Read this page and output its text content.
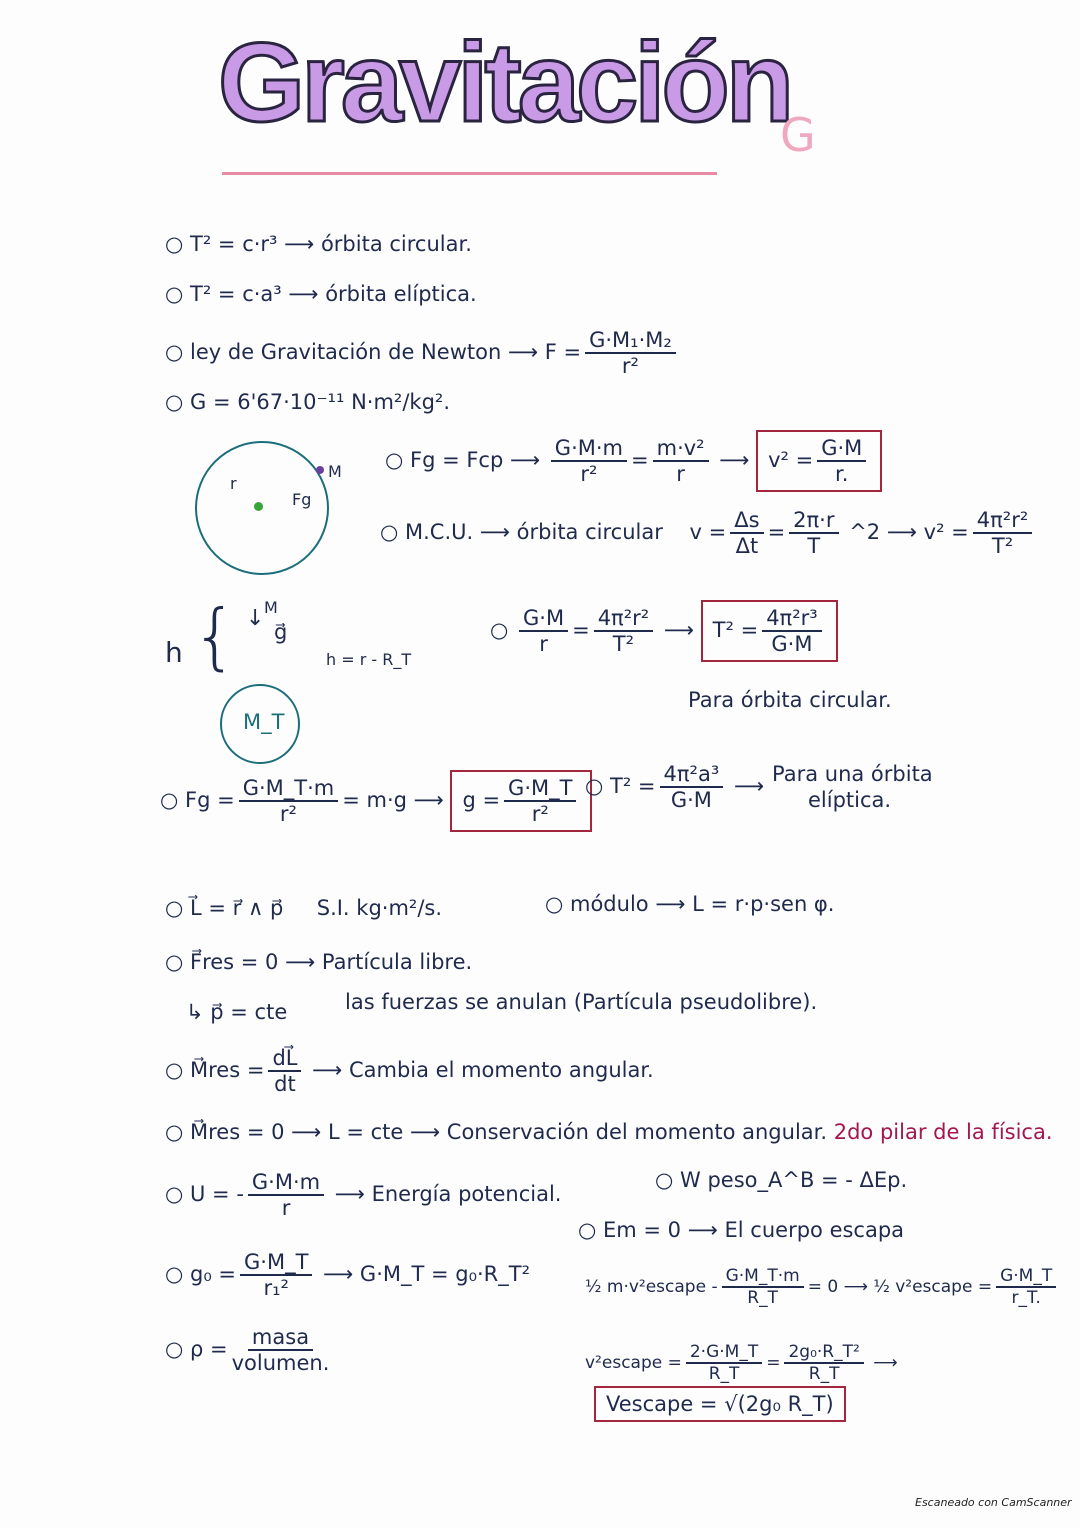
Gravitación
G
○ T² = c·r³ ⟶ órbita circular.
○ T² = c·a³ ⟶ órbita elíptica.
○ ley de Gravitación de Newton ⟶ $F = \frac{\text{G·M₁·M₂}}{\text{r²}}$
○ G = 6'67·10⁻¹¹ N·m²/kg².
r
M
Fg
○ Fg = Fcp ⟶ $\frac{G\cdot M\cdot m}{\text{r²}} = \frac{\text{m·v²}}{r}$ ⟶ $v^2 = \frac{G\cdot M}{r.}$
○ M.C.U. ⟶ órbita circular $v = \frac{\Delta s}{\Delta t} = \frac{2\pi\cdot r}{T}$ ^2 ⟶ $v^2 = \frac{\text{4π²r²}}{\text{T²}}$
h { M
↓
g⃗
h = r - R_T
M_T
○ $\frac{G\cdot M}{r} = \frac{\text{4π²r²}}{\text{T²}}$ ⟶ $T^2 = \frac{\text{4π²r³}}{G\cdot M}$
Para órbita circular.
○ $Fg = \frac{G\cdot M\_T\cdot m}{\text{r²}} = m\cdot g$ ⟶ $g = \frac{G\cdot M\_T}{\text{r²}}$ ○ $T^2 = \frac{\text{4π²a³}}{G\cdot M}$ ⟶ Para una órbita
elíptica.
○ L⃗ = r⃗ ∧ p⃗ S.I. kg·m²/s.	○ módulo ⟶ L = r·p·sen φ.
○ F⃗res = 0 ⟶ Partícula libre.
↳ p⃗ = cte	las fuerzas se anulan (Partícula pseudolibre).
○ M⃗res = $\frac{dL⃗}{dt}$ ⟶ Cambia el momento angular.
○ M⃗res = 0 ⟶ L = cte ⟶ Conservación del momento angular. 2do pilar de la física.
○ U = - $\frac{G\cdot M\cdot m}{r}$ ⟶ Energía potencial.
○ W peso_A^B = - ΔEp.
○ Em = 0 ⟶ El cuerpo escapa
○ $g_0 = \frac{G\cdot M\_T}{\text{r₁²}}$ ⟶ G·M_T = g₀·R_T²
½ m·v²escape - $\frac{G\cdot M\_T\cdot m}{R\_T} = 0$ ⟶ ½ v²escape = $\frac{G\cdot M\_T}{r\_T.}$
○ $\rho = \frac{\text{masa}}{\text{volumen.}}$	v²escape = $\frac{2\cdot G\cdot M\_T}{R\_T} = \frac{\text{2g₀·R\_T²}}{R\_T}$ ⟶
Vescape = √(2g₀ R_T)
Escaneado con CamScanner
